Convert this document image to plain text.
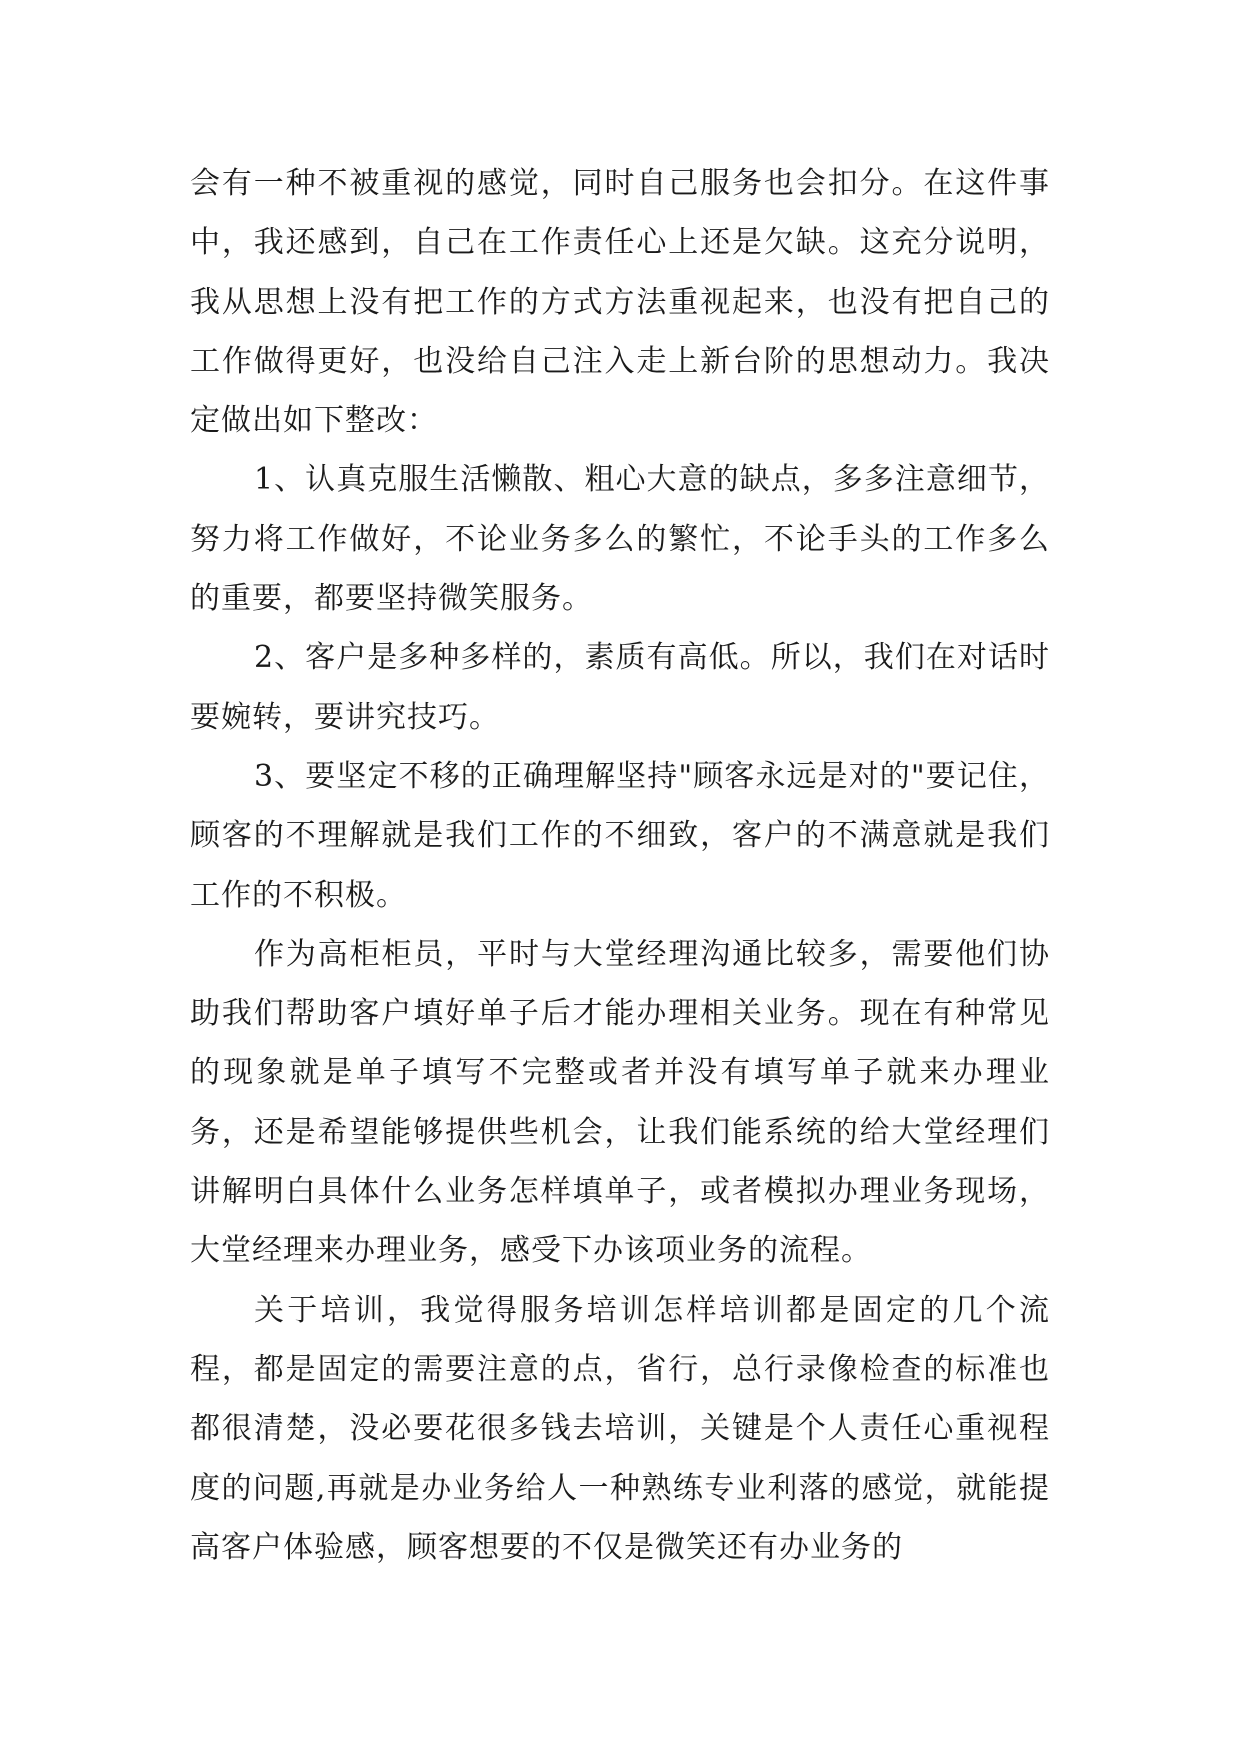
会有一种不被重视的感觉，同时自己服务也会扣分。在这件事中，我还感到，自己在工作责任心上还是欠缺。这充分说明，我从思想上没有把工作的方式方法重视起来，也没有把自己的工作做得更好，也没给自己注入走上新台阶的思想动力。我决定做出如下整改：

1、认真克服生活懒散、粗心大意的缺点，多多注意细节，努力将工作做好，不论业务多么的繁忙，不论手头的工作多么的重要，都要坚持微笑服务。

2、客户是多种多样的，素质有高低。所以，我们在对话时要婉转，要讲究技巧。

3、要坚定不移的正确理解坚持"顾客永远是对的"要记住，顾客的不理解就是我们工作的不细致，客户的不满意就是我们工作的不积极。

作为高柜柜员，平时与大堂经理沟通比较多，需要他们协助我们帮助客户填好单子后才能办理相关业务。现在有种常见的现象就是单子填写不完整或者并没有填写单子就来办理业务，还是希望能够提供些机会，让我们能系统的给大堂经理们讲解明白具体什么业务怎样填单子，或者模拟办理业务现场，大堂经理来办理业务，感受下办该项业务的流程。

关于培训，我觉得服务培训怎样培训都是固定的几个流程，都是固定的需要注意的点，省行，总行录像检查的标准也都很清楚，没必要花很多钱去培训，关键是个人责任心重视程度的问题,再就是办业务给人一种熟练专业利落的感觉，就能提高客户体验感，顾客想要的不仅是微笑还有办业务的
